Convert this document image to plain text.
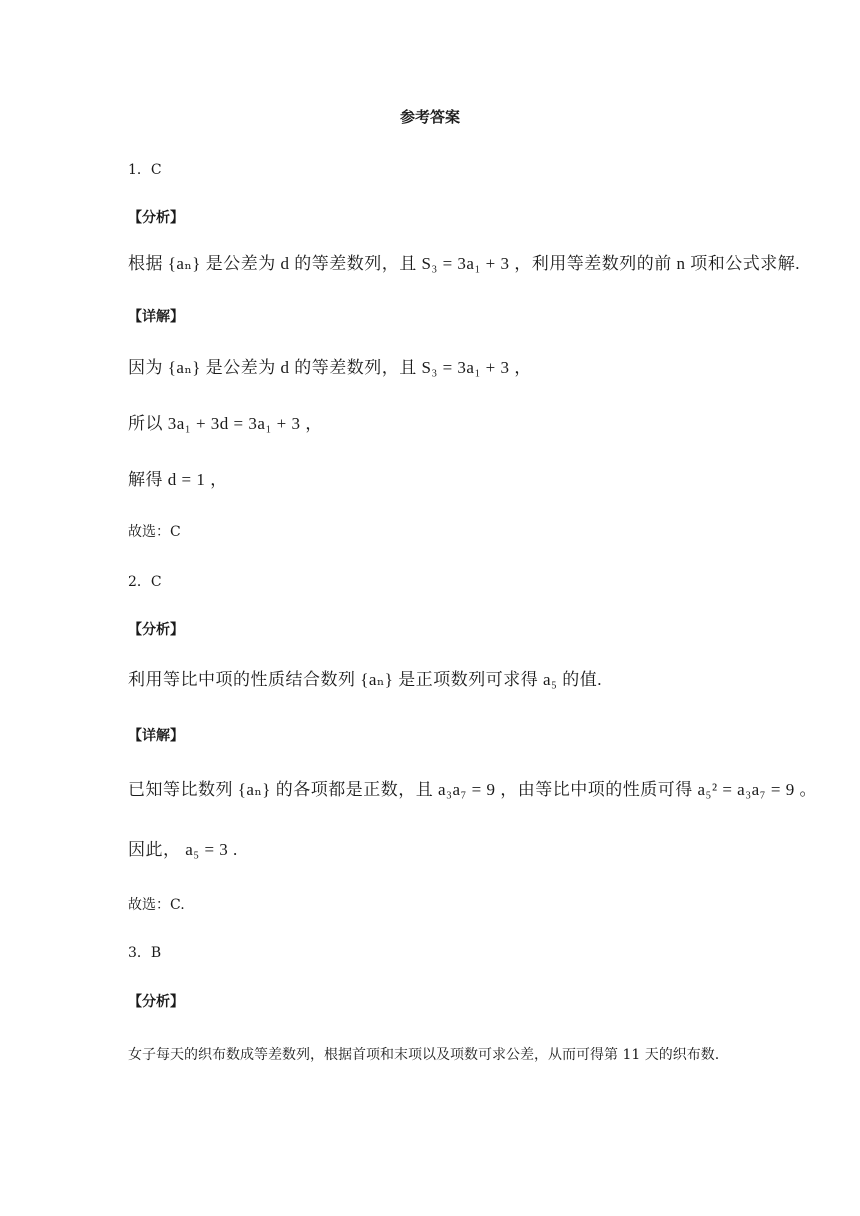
参考答案
1．C
【分析】
根据 {aₙ} 是公差为 d 的等差数列，且 S₃ = 3a₁ + 3 ，利用等差数列的前 n 项和公式求解.
【详解】
因为 {aₙ} 是公差为 d 的等差数列，且 S₃ = 3a₁ + 3 ，
所以 3a₁ + 3d = 3a₁ + 3 ，
解得 d = 1 ，
故选：C
2．C
【分析】
利用等比中项的性质结合数列 {aₙ} 是正项数列可求得 a₅ 的值.
【详解】
已知等比数列 {aₙ} 的各项都是正数，且 a₃a₇ = 9 ，由等比中项的性质可得 a₅² = a₃a₇ = 9 。
因此， a₅ = 3 .
故选：C.
3．B
【分析】
女子每天的织布数成等差数列，根据首项和末项以及项数可求公差，从而可得第 11 天的织布数.
